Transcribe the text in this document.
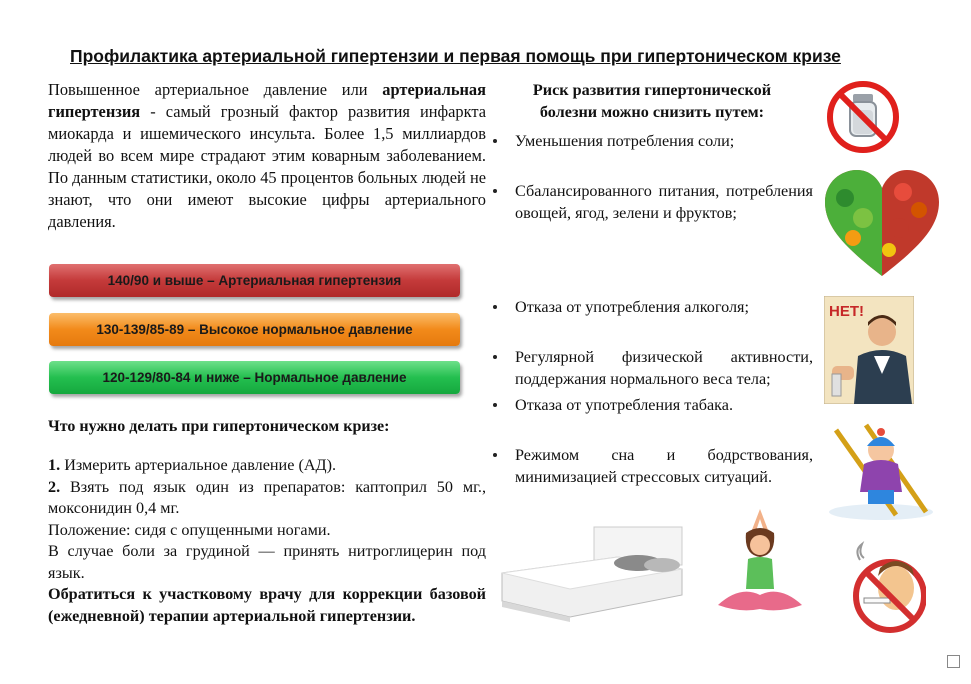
Профилактика артериальной гипертензии и первая помощь при гипертоническом кризе
Повышенное артериальное давление или артериальная гипертензия - самый грозный фактор развития инфаркта миокарда и ишемического инсульта. Более 1,5 миллиардов людей во всем мире страдают этим коварным заболеванием. По данным статистики, около 45 процентов больных людей не знают, что они имеют высокие цифры артериального давления.
140/90 и выше – Артериальная гипертензия
130-139/85-89 – Высокое нормальное давление
120-129/80-84 и ниже – Нормальное давление
Что нужно делать при гипертоническом кризе:

1. Измерить артериальное давление (АД).

2. Взять под язык один из препаратов: каптоприл 50 мг., моксонидин 0,4 мг.

Положение: сидя с опущенными ногами.

В случае боли за грудиной — принять нитроглицерин под язык.

Обратиться к участковому врачу для коррекции базовой (ежедневной) терапии артериальной гипертензии.

Риск развития гипертонической болезни можно снизить путем:
Уменьшения потребления соли;
Сбалансированного питания, потребления овощей, ягод, зелени и фруктов;
Отказа от употребления алкоголя;
Регулярной физической активности, поддержания нормального веса тела;
Отказа от употребления табака.
Режимом сна и бодрствования, минимизацией стрессовых ситуаций.
НЕТ!
